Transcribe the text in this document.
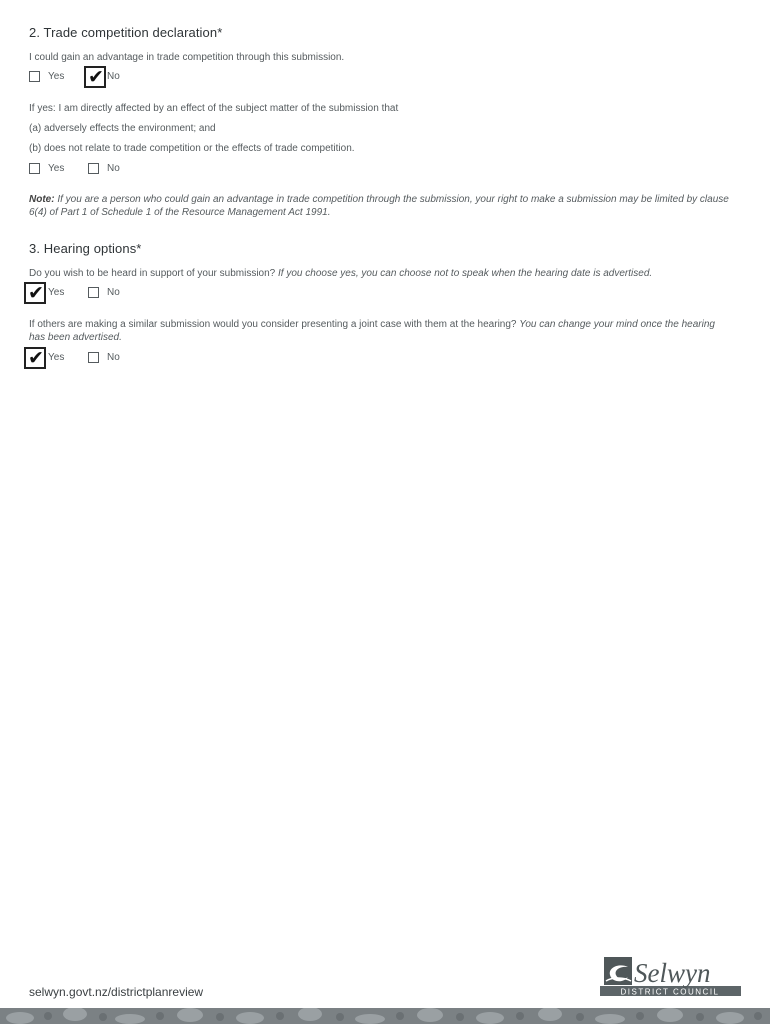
2. Trade competition declaration*

I could gain an advantage in trade competition through this submission.

Yes	No
✔

If yes: I am directly affected by an effect of the subject matter of the submission that

(a) adversely effects the environment; and

(b) does not relate to trade competition or the effects of trade competition.

Yes	No

Note: If you are a person who could gain an advantage in trade competition through the submission, your right to make a submission may be limited by clause 6(4) of Part 1 of Schedule 1 of the Resource Management Act 1991.

3. Hearing options*

Do you wish to be heard in support of your submission? If you choose yes, you can choose not to speak when the hearing date is advertised.

Yes
✔	No

If others are making a similar submission would you consider presenting a joint case with them at the hearing? You can change your mind once the hearing has been advertised.

Yes
✔	No
selwyn.govt.nz/districtplanreview	DISTRICT COUNCIL
Selwyn
